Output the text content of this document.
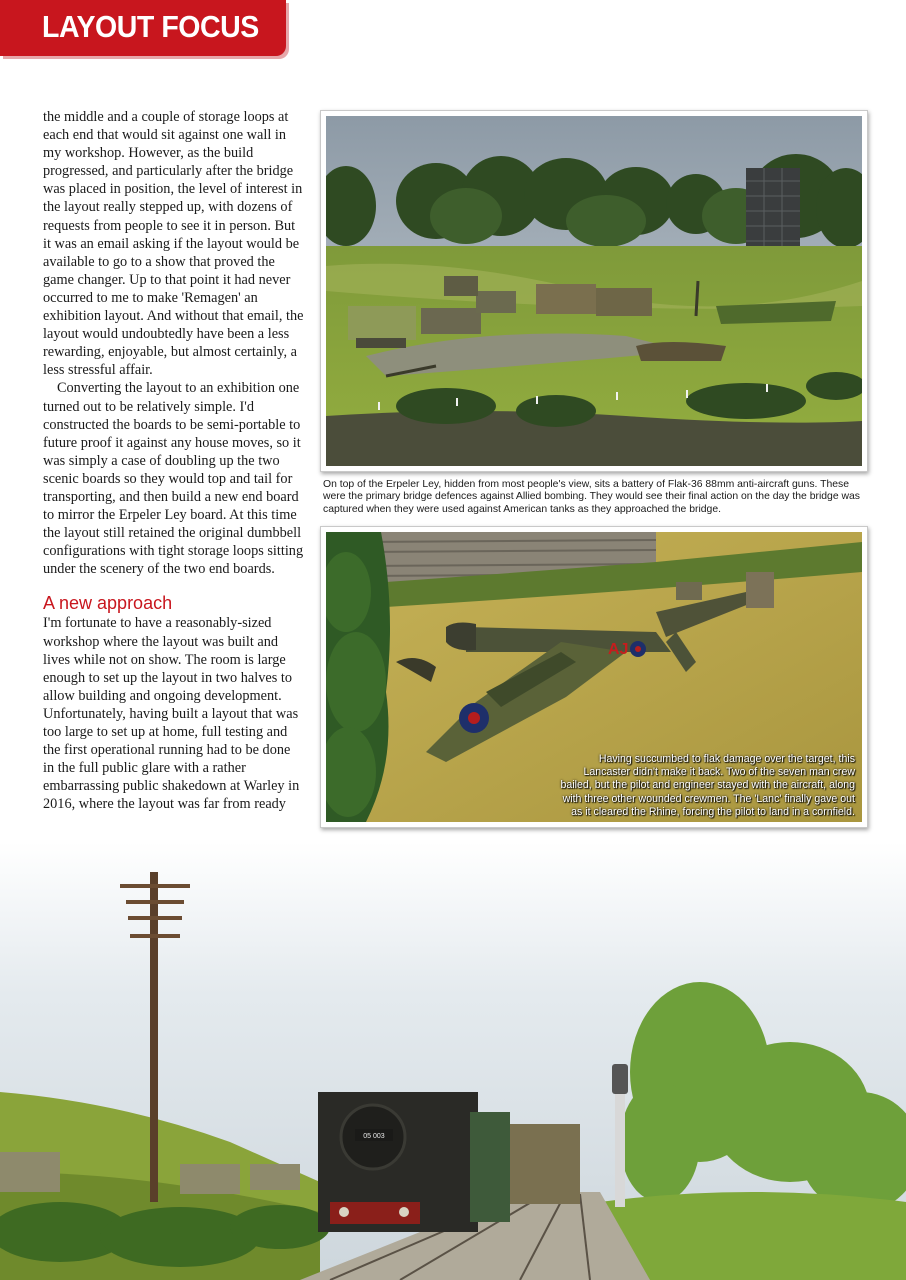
LAYOUT FOCUS

the middle and a couple of storage loops at each end that would sit against one wall in my workshop. However, as the build progressed, and particularly after the bridge was placed in position, the level of interest in the layout really stepped up, with dozens of requests from people to see it in person. But it was an email asking if the layout would be available to go to a show that proved the game changer. Up to that point it had never occurred to me to make 'Remagen' an exhibition layout. And without that email, the layout would undoubtedly have been a less rewarding, enjoyable, but almost certainly, a less stressful affair.

Converting the layout to an exhibition one turned out to be relatively simple. I'd constructed the boards to be semi-portable to future proof it against any house moves, so it was simply a case of doubling up the two scenic boards so they would top and tail for transporting, and then build a new end board to mirror the Erpeler Ley board. At this time the layout still retained the original dumbbell configurations with tight storage loops sitting under the scenery of the two end boards.

A new approach

I'm fortunate to have a reasonably-sized workshop where the layout was built and lives while not on show. The room is large enough to set up the layout in two halves to allow building and ongoing development. Unfortunately, having built a layout that was too large to set up at home, full testing and the first operational running had to be done in the full public glare with a rather embarrassing public shakedown at Warley in 2016, where the layout was far from ready

On top of the Erpeler Ley, hidden from most people's view, sits a battery of Flak-36 88mm anti-aircraft guns. These were the primary bridge defences against Allied bombing. They would see their final action on the day the bridge was captured when they were used against American tanks as they approached the bridge.
AJ
Having succumbed to flak damage over the target, this Lancaster didn't make it back. Two of the seven man crew bailed, but the pilot and engineer stayed with the aircraft, along with three other wounded crewmen. The 'Lanc' finally gave out as it cleared the Rhine, forcing the pilot to land in a cornfield.
05 003
